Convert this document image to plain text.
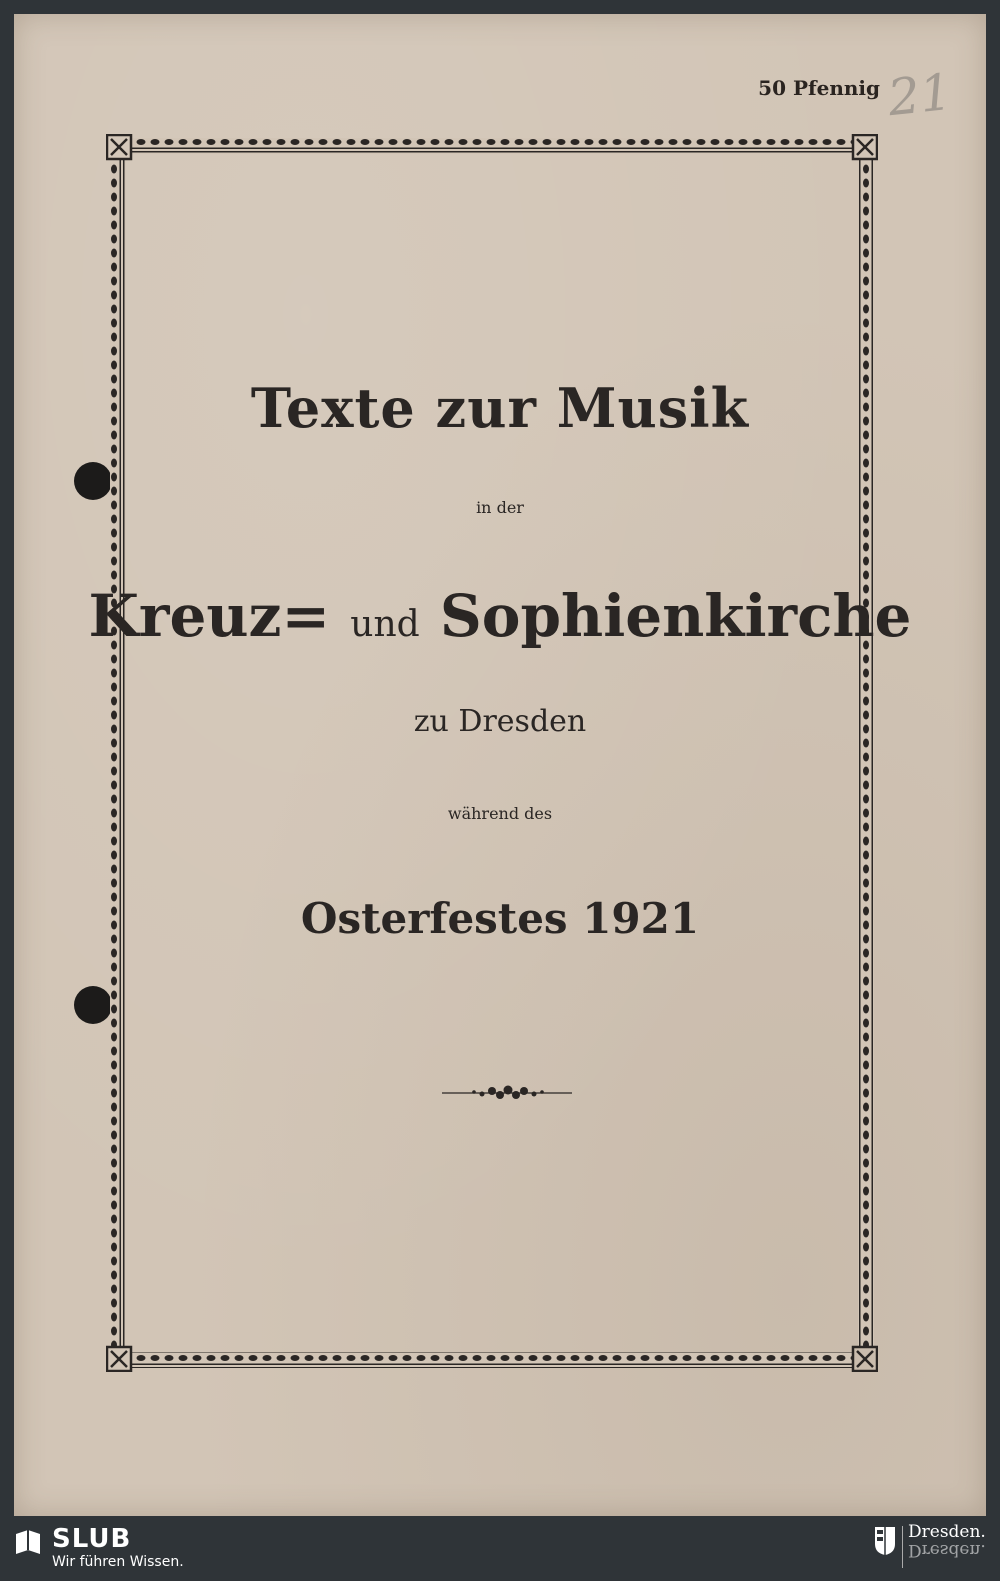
50 Pfennig 21
Texte zur Musik
in der
Kreuz= und Sophienkirche
zu Dresden
während des
Osterfestes 1921
SLUB
Wir führen Wissen.
Dresden.
Dresden.
